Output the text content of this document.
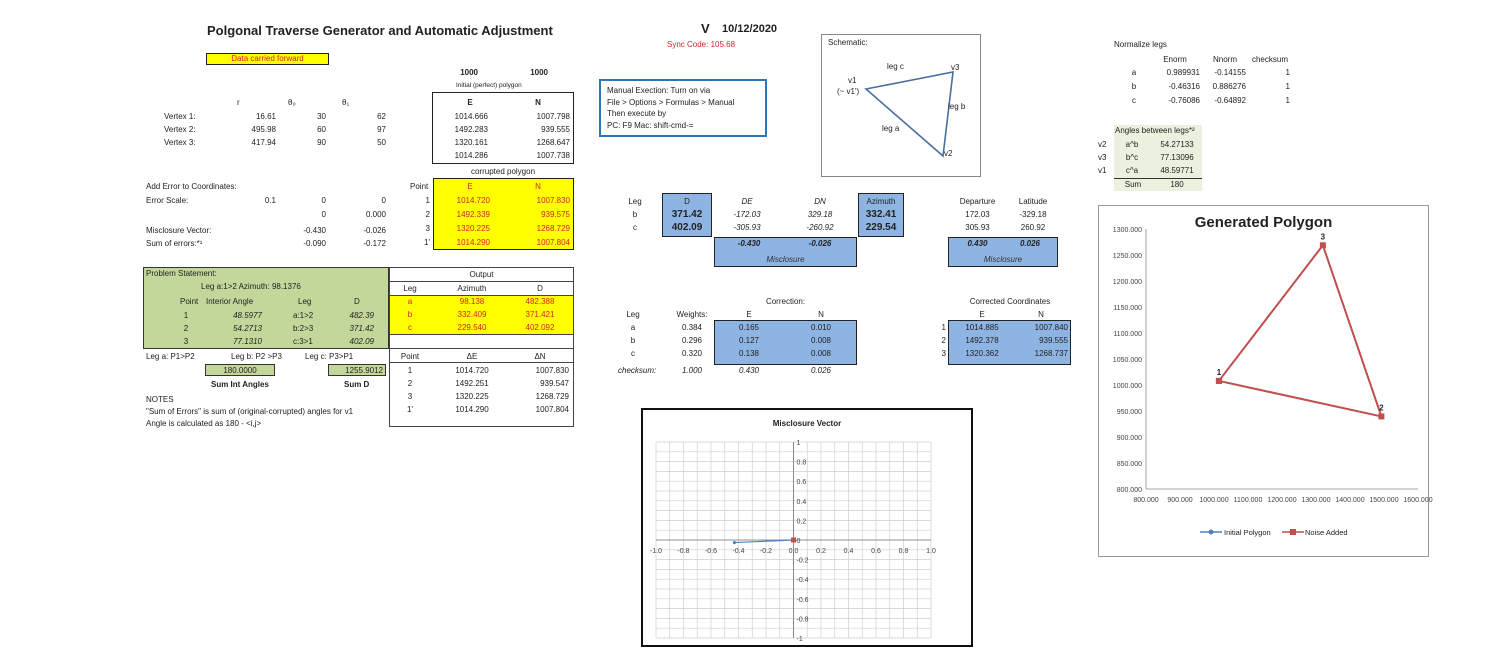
Polgonal Traverse Generator and Automatic Adjustment	V 10/12/2020
Sync Code: 105.68
Data carried forward
1000	1000
Initial (perfect) polygon
E	N
r	θ₀	θ₁
corrupted polygon
Point	E	N
Add Error to Coordinates:
Error Scale:	0.1	0	0
0	0.000
Misclosure Vector:	-0.430	-0.026
Sum of errors:*¹	-0.090	-0.172
Problem Statement:
Leg a:1>2 Azimuth: 98.1376
Point Interior Angle	Leg	D
Leg a: P1>P2	Leg b: P2 >P3	Leg c: P3>P1
180.0000	1255.9012
Sum Int Angles	Sum D
NOTES
"Sum of Errors" is sum of (original-corrupted) angles for v1
Angle is calculated as 180 - <i,j>
Output
Leg	Azimuth	D
Point	ΔE	ΔN
-0.430	-0.026
Misclosure
0.430	0.026
Misclosure
Correction:	Corrected Coordinates
Schematic:
v1
(~ v1')
v3
v2
leg c
leg b
leg a
Normalize legs
Angles between legs*²
Sum	180
Misclosure Vector
-1.0 -0.8 -0.6 -0.4 -0.2 0.0	0.2	0.4	0.6	0.8	1.0
1
0.8
0.6
0.4
0.2
0
-0.2
-0.4
-0.6
-0.8
-1
Generated Polygon
1300.000
1250.000
1200.000
1150.000
1100.000
1050.000
1000.000
950.000
900.000
850.000
800.000
800.000 900.000 1000.000 1100.000 1200.000 1300.000 1400.000 1500.000 1600.000
1
2
3
Initial Polygon	Noise Added
1014.666	1007.798
1492.283	939.555
1320.161	1268.647
1014.286	1007.738
Vertex 1:	16.61	30	62
Vertex 2:	495.98	60	97
Vertex 3:	417.94	90	50
1	1014.720	1007.830
2	1492.339	939.575
3	1320.225	1268.729
1'	1014.290	1007.804
1	48.5977	a:1>2	482.39
2	54.2713	b:2>3	371.42
3	77.1310	c:3>1	402.09
a	98.138	482.388
b	332.409	371.421
c	229.540	402.092
1	1014.720	1007.830
2	1492.251	939.547
3	1320.225	1268.729
1'	1014.290	1007.804
Manual Exection: Turn on via
File > Options > Formulas > Manual
Then execute by
PC: F9 Mac: shift-cmd-=
Leg	D	DE	DN	Azimuth
b	371.42	-172.03	329.18	332.41
c	402.09	-305.93	-260.92	229.54
Departure	Latitude
172.03	-329.18
305.93	260.92
Leg	Weights:	E	N
a	0.384	0.165	0.010
b	0.296	0.127	0.008
c	0.320	0.138	0.008
checksum:	1.000	0.430	0.026
E	N
1	1014.885	1007.840
2	1492.378	939.555
3	1320.362	1268.737
Enorm	Nnorm	checksum
a	0.989931	-0.14155	1
b	-0.46316	0.886276	1
c	-0.76086	-0.64892	1
v2	a^b	54.27133
v3	b^c	77.13096
v1	c^a	48.59771
